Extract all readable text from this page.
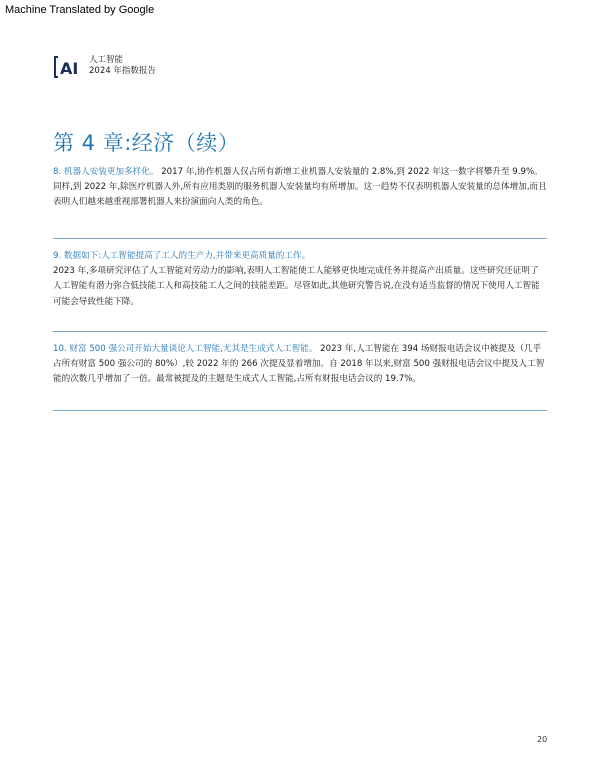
Machine Translated by Google
AI 人工智能
2024 年指数报告
第 4 章:经济（续）

8. 机器人安装更加多样化。 2017 年,协作机器人仅占所有新增工业机器人安装量的 2.8%,到 2022 年这一数字将攀升至 9.9%。同样,到 2022 年,除医疗机器人外,所有应用类别的服务机器人安装量均有所增加。这一趋势不仅表明机器人安装量的总体增加,而且表明人们越来越重视部署机器人来扮演面向人类的角色。

9. 数据如下:人工智能提高了工人的生产力,并带来更高质量的工作。

2023 年,多项研究评估了人工智能对劳动力的影响,表明人工智能使工人能够更快地完成任务并提高产出质量。这些研究还证明了人工智能有潜力弥合低技能工人和高技能工人之间的技能差距。尽管如此,其他研究警告说,在没有适当监督的情况下使用人工智能可能会导致性能下降。

10. 财富 500 强公司开始大量谈论人工智能,尤其是生成式人工智能。 2023 年,人工智能在 394 场财报电话会议中被提及（几乎占所有财富 500 强公司的 80%）,较 2022 年的 266 次提及显着增加。自 2018 年以来,财富 500 强财报电话会议中提及人工智能的次数几乎增加了一倍。最常被提及的主题是生成式人工智能,占所有财报电话会议的 19.7%。

20
